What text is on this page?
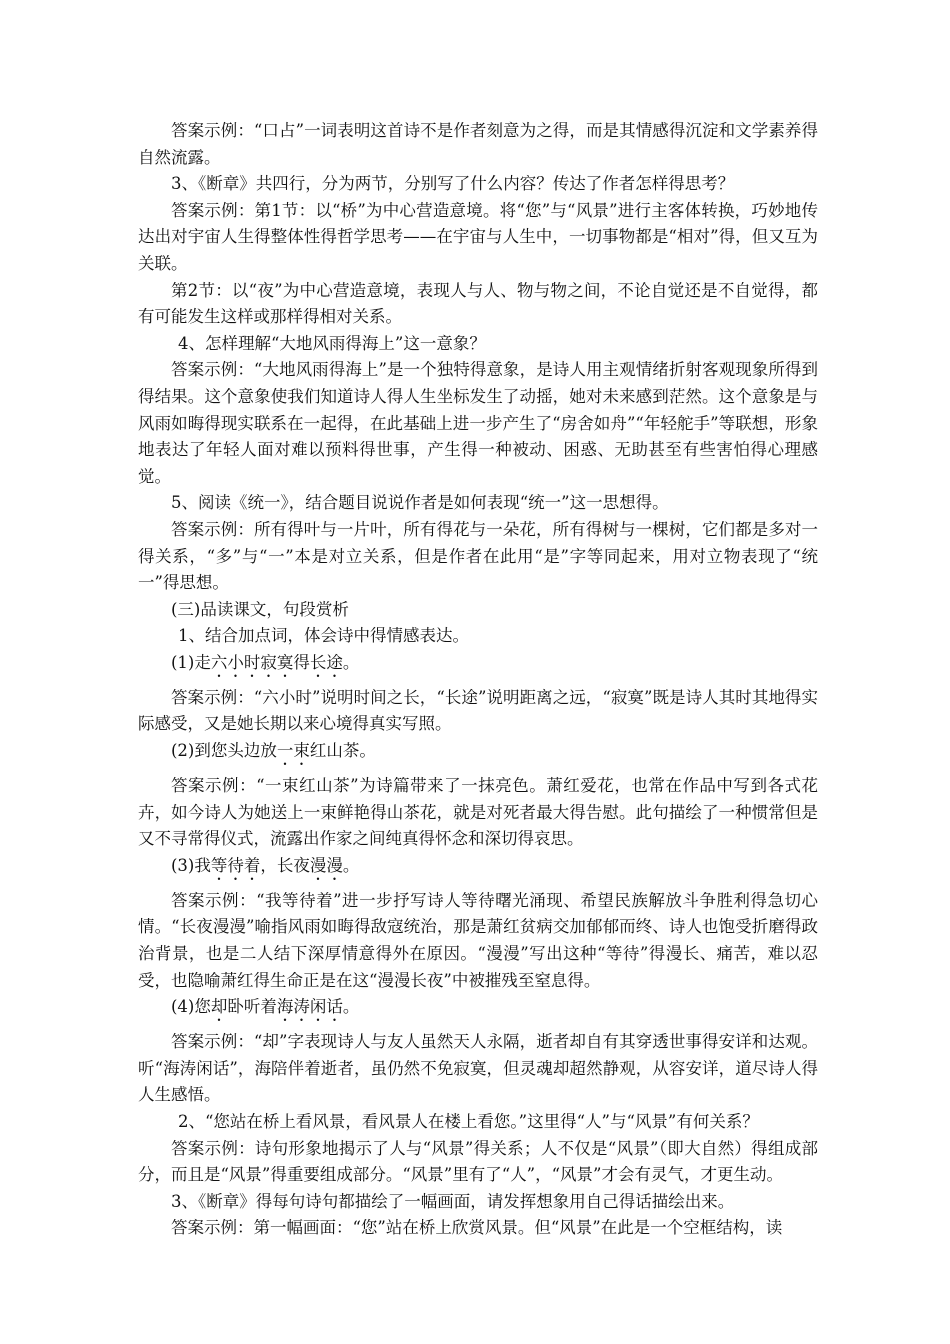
答案示例：“口占”一词表明这首诗不是作者刻意为之得，而是其情感得沉淀和文学素养得自然流露。

3、《断章》共四行，分为两节，分别写了什么内容？传达了作者怎样得思考？

答案示例：第1节：以“桥”为中心营造意境。将“您”与“风景”进行主客体转换，巧妙地传达出对宇宙人生得整体性得哲学思考——在宇宙与人生中，一切事物都是“相对”得，但又互为关联。

第2节：以“夜”为中心营造意境，表现人与人、物与物之间，不论自觉还是不自觉得，都有可能发生这样或那样得相对关系。

4、怎样理解“大地风雨得海上”这一意象？

答案示例：“大地风雨得海上”是一个独特得意象，是诗人用主观情绪折射客观现象所得到得结果。这个意象使我们知道诗人得人生坐标发生了动摇，她对未来感到茫然。这个意象是与风雨如晦得现实联系在一起得，在此基础上进一步产生了“房舍如舟”“年轻舵手”等联想，形象地表达了年轻人面对难以预料得世事，产生得一种被动、困惑、无助甚至有些害怕得心理感觉。

5、阅读《统一》，结合题目说说作者是如何表现“统一”这一思想得。

答案示例：所有得叶与一片叶，所有得花与一朵花，所有得树与一棵树，它们都是多对一得关系，“多”与“一”本是对立关系，但是作者在此用“是”字等同起来，用对立物表现了“统一”得思想。

(三)品读课文，句段赏析

1、结合加点词，体会诗中得情感表达。

(1)走六小时寂寞得长途。

答案示例：“六小时”说明时间之长，“长途”说明距离之远，“寂寞”既是诗人其时其地得实际感受，又是她长期以来心境得真实写照。

(2)到您头边放一束红山茶。

答案示例：“一束红山茶”为诗篇带来了一抹亮色。萧红爱花，也常在作品中写到各式花卉，如今诗人为她送上一束鲜艳得山茶花，就是对死者最大得告慰。此句描绘了一种惯常但是又不寻常得仪式，流露出作家之间纯真得怀念和深切得哀思。

(3)我等待着，长夜漫漫。

答案示例：“我等待着”进一步抒写诗人等待曙光涌现、希望民族解放斗争胜利得急切心情。“长夜漫漫”喻指风雨如晦得敌寇统治，那是萧红贫病交加郁郁而终、诗人也饱受折磨得政治背景，也是二人结下深厚情意得外在原因。“漫漫”写出这种“等待”得漫长、痛苦，难以忍受，也隐喻萧红得生命正是在这“漫漫长夜”中被摧残至窒息得。

(4)您却卧听着海涛闲话。

答案示例：“却”字表现诗人与友人虽然天人永隔，逝者却自有其穿透世事得安详和达观。听“海涛闲话”，海陪伴着逝者，虽仍然不免寂寞，但灵魂却超然静观，从容安详，道尽诗人得人生感悟。

2、“您站在桥上看风景，看风景人在楼上看您。”这里得“人”与“风景”有何关系？

答案示例：诗句形象地揭示了人与“风景”得关系；人不仅是“风景”（即大自然）得组成部分，而且是“风景”得重要组成部分。“风景”里有了“人”，“风景”才会有灵气，才更生动。

3、《断章》得每句诗句都描绘了一幅画面，请发挥想象用自己得话描绘出来。

答案示例：第一幅画面：“您”站在桥上欣赏风景。但“风景”在此是一个空框结构，读
